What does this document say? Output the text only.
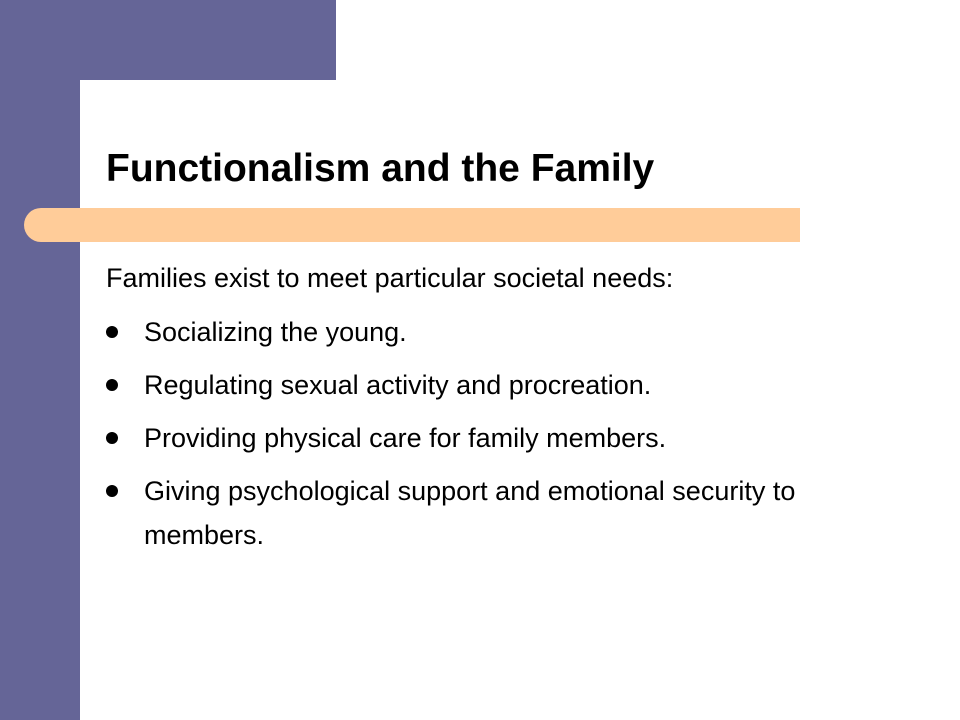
Functionalism and the Family

Families exist to meet particular societal needs:

Socializing the young.
Regulating sexual activity and procreation.
Providing physical care for family members.
Giving psychological support and emotional security to members.
